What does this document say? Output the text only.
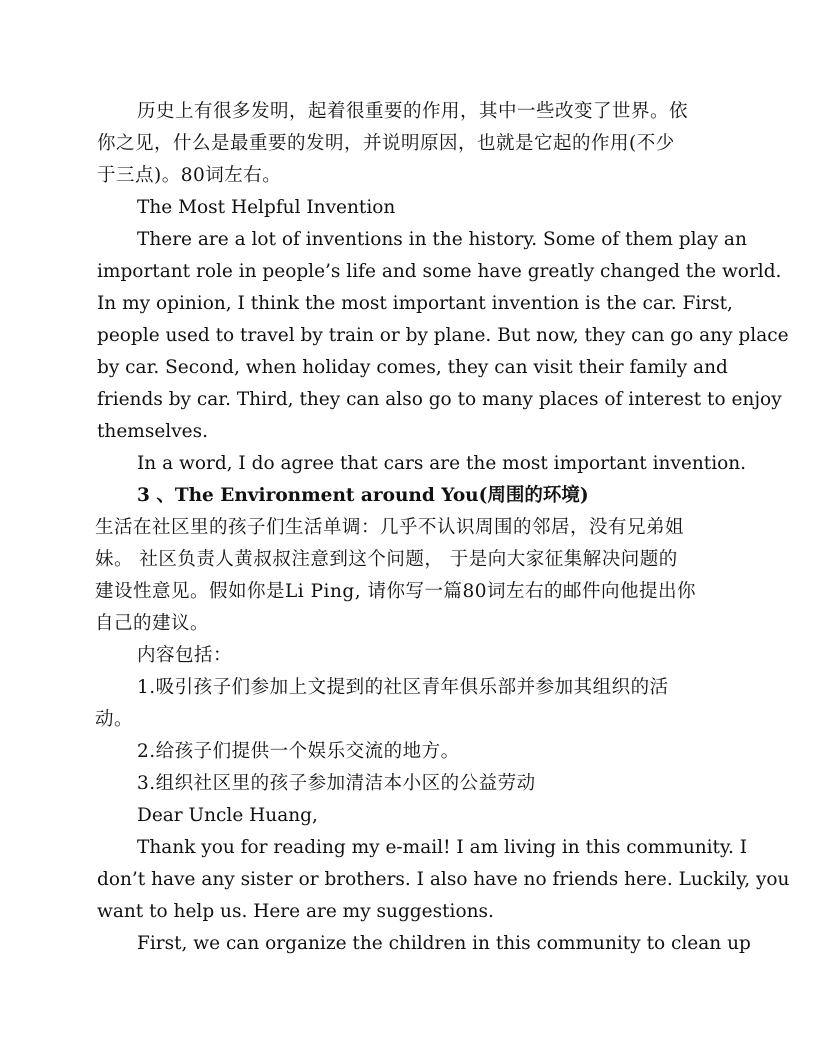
历史上有很多发明，起着很重要的作用，其中一些改变了世界。依
你之见，什么是最重要的发明，并说明原因，也就是它起的作用(不少
于三点)。80词左右。
The Most Helpful Invention
There are a lot of inventions in the history. Some of them play an
important role in people’s life and some have greatly changed the world.
In my opinion, I think the most important invention is the car. First,
people used to travel by train or by plane. But now, they can go any place
by car. Second, when holiday comes, they can visit their family and
friends by car. Third, they can also go to many places of interest to enjoy
themselves.
In a word, I do agree that cars are the most important invention.
3 、The Environment around You(周围的环境)
生活在社区里的孩子们生活单调：几乎不认识周围的邻居，没有兄弟姐
妹。 社区负责人黄叔叔注意到这个问题， 于是向大家征集解决问题的
建设性意见。假如你是Li Ping, 请你写一篇80词左右的邮件向他提出你
自己的建议。
内容包括：
1.吸引孩子们参加上文提到的社区青年俱乐部并参加其组织的活
动。
2.给孩子们提供一个娱乐交流的地方。
3.组织社区里的孩子参加清洁本小区的公益劳动
Dear Uncle Huang,
Thank you for reading my e-mail! I am living in this community. I
don’t have any sister or brothers. I also have no friends here. Luckily, you
want to help us. Here are my suggestions.
First, we can organize the children in this community to clean up
